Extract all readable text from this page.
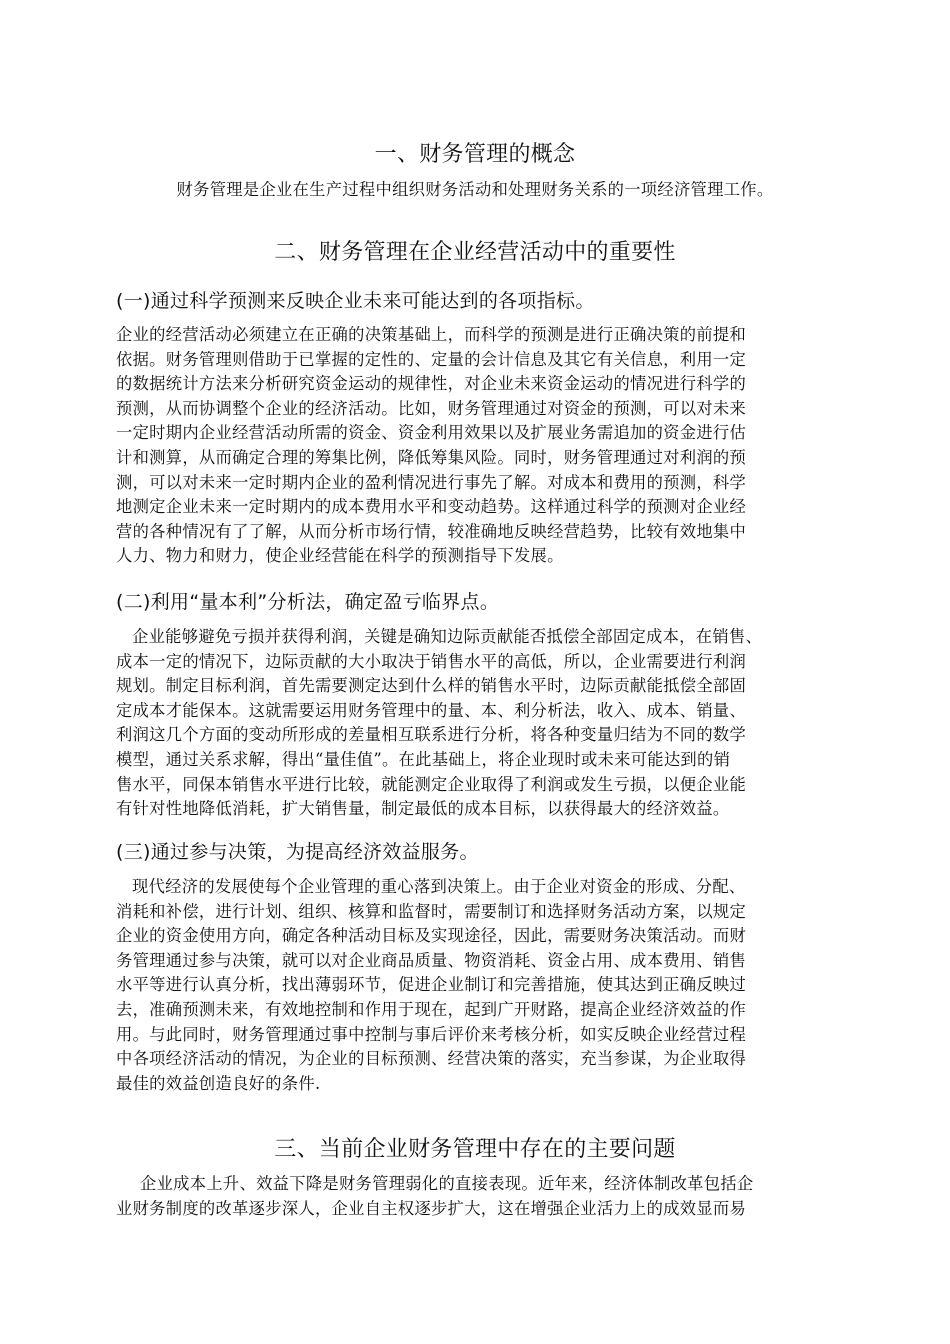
一、财务管理的概念
财务管理是企业在生产过程中组织财务活动和处理财务关系的一项经济管理工作。
二、财务管理在企业经营活动中的重要性
(一)通过科学预测来反映企业未来可能达到的各项指标。
企业的经营活动必须建立在正确的决策基础上，而科学的预测是进行正确决策的前提和
依据。财务管理则借助于已掌握的定性的、定量的会计信息及其它有关信息，利用一定
的数据统计方法来分析研究资金运动的规律性，对企业未来资金运动的情况进行科学的
预测，从而协调整个企业的经济活动。比如，财务管理通过对资金的预测，可以对未来
一定时期内企业经营活动所需的资金、资金利用效果以及扩展业务需追加的资金进行估
计和测算，从而确定合理的筹集比例，降低筹集风险。同时，财务管理通过对利润的预
测，可以对未来一定时期内企业的盈利情况进行事先了解。对成本和费用的预测，科学
地测定企业未来一定时期内的成本费用水平和变动趋势。这样通过科学的预测对企业经
营的各种情况有了了解，从而分析市场行情，较准确地反映经营趋势，比较有效地集中
人力、物力和财力，使企业经营能在科学的预测指导下发展。
(二)利用“量本利”分析法，确定盈亏临界点。
企业能够避免亏损并获得利润，关键是确知边际贡献能否抵偿全部固定成本，在销售、
成本一定的情况下，边际贡献的大小取决于销售水平的高低，所以，企业需要进行利润
规划。制定目标利润，首先需要测定达到什么样的销售水平时，边际贡献能抵偿全部固
定成本才能保本。这就需要运用财务管理中的量、本、利分析法，收入、成本、销量、
利润这几个方面的变动所形成的差量相互联系进行分析，将各种变量归结为不同的数学
模型，通过关系求解，得出“量佳值”。在此基础上，将企业现时或未来可能达到的销
售水平，同保本销售水平进行比较，就能测定企业取得了利润或发生亏损，以便企业能
有针对性地降低消耗，扩大销售量，制定最低的成本目标，以获得最大的经济效益。
(三)通过参与决策，为提高经济效益服务。
现代经济的发展使每个企业管理的重心落到决策上。由于企业对资金的形成、分配、
消耗和补偿，进行计划、组织、核算和监督时，需要制订和选择财务活动方案，以规定
企业的资金使用方向，确定各种活动目标及实现途径，因此，需要财务决策活动。而财
务管理通过参与决策，就可以对企业商品质量、物资消耗、资金占用、成本费用、销售
水平等进行认真分析，找出薄弱环节，促进企业制订和完善措施，使其达到正确反映过
去，准确预测未来，有效地控制和作用于现在，起到广开财路，提高企业经济效益的作
用。与此同时，财务管理通过事中控制与事后评价来考核分析，如实反映企业经营过程
中各项经济活动的情况，为企业的目标预测、经营决策的落实，充当参谋，为企业取得
最佳的效益创造良好的条件.
三、当前企业财务管理中存在的主要问题
企业成本上升、效益下降是财务管理弱化的直接表现。近年来，经济体制改革包括企
业财务制度的改革逐步深人，企业自主权逐步扩大，这在增强企业活力上的成效显而易
